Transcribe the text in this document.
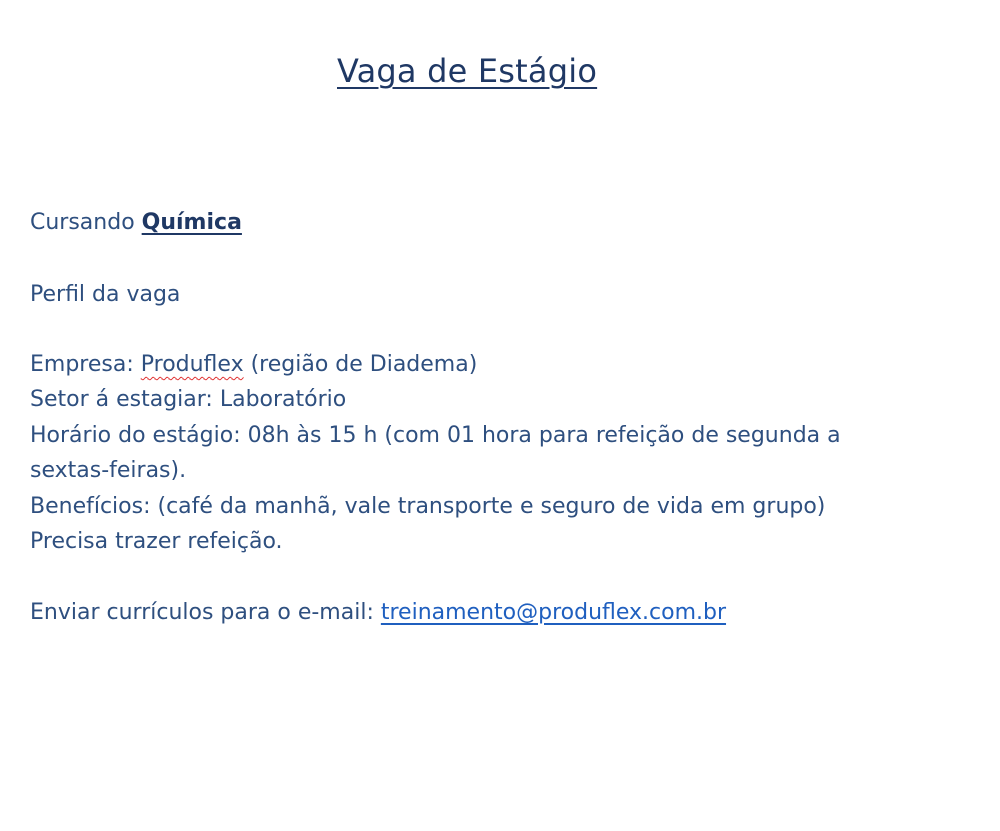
Vaga de Estágio
Cursando Química
Perfil da vaga
Empresa: Produflex (região de Diadema)
Setor á estagiar: Laboratório
Horário do estágio: 08h às 15 h (com 01 hora para refeição de segunda a
sextas-feiras).
Benefícios: (café da manhã, vale transporte e seguro de vida em grupo)
Precisa trazer refeição.
Enviar currículos para o e-mail: treinamento@produflex.com.br
